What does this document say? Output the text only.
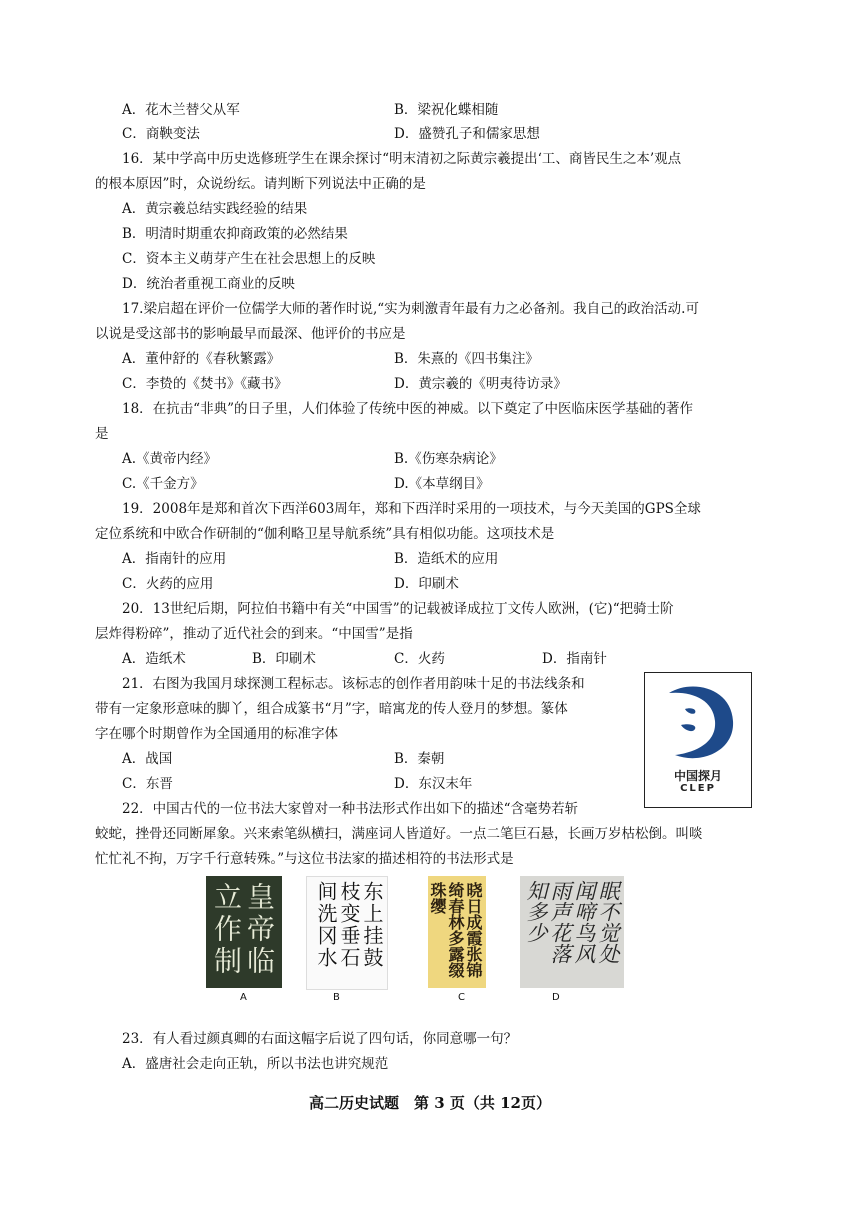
A．花木兰替父从军	B．梁祝化蝶相随
C．商鞅变法	D．盛赞孔子和儒家思想
16．某中学高中历史选修班学生在课余探讨“明末清初之际黄宗羲提出‘工、商皆民生之本’观点
的根本原因”时，众说纷纭。请判断下列说法中正确的是
A．黄宗羲总结实践经验的结果
B．明清时期重农抑商政策的必然结果
C．资本主义萌芽产生在社会思想上的反映
D．统治者重视工商业的反映
17.梁启超在评价一位儒学大师的著作时说,“实为刺激青年最有力之必备剂。我自己的政治活动.可
以说是受这部书的影响最早而最深、他评价的书应是
A．董仲舒的《春秋繁露》	B．朱熹的《四书集注》
C．李贽的《焚书》《藏书》	D．黄宗羲的《明夷待访录》
18．在抗击“非典”的日子里，人们体验了传统中医的神威。以下奠定了中医临床医学基础的著作
是
A.《黄帝内经》	B.《伤寒杂病论》
C.《千金方》	D.《本草纲目》
19．2008年是郑和首次下西洋603周年，郑和下西洋时采用的一项技术，与今天美国的GPS全球
定位系统和中欧合作研制的“伽利略卫星导航系统”具有相似功能。这项技术是
A．指南针的应用	B．造纸术的应用
C．火药的应用	D．印刷术
20．13世纪后期，阿拉伯书籍中有关“中国雪”的记载被译成拉丁文传人欧洲，(它)“把骑士阶
层炸得粉碎”，推动了近代社会的到来。“中国雪”是指
A．造纸术	B．印刷术	C．火药	D．指南针
21．右图为我国月球探测工程标志。该标志的创作者用韵味十足的书法线条和
带有一定象形意味的脚丫，组合成篆书“月”字，暗寓龙的传人登月的梦想。篆体
字在哪个时期曾作为全国通用的标准字体
A．战国	B．秦朝
C．东晋	D．东汉末年	中国探月
CLEP
22．中国古代的一位书法大家曾对一种书法形式作出如下的描述“含毫势若斩
蛟蛇，挫骨还同断犀象。兴来索笔纵横扫，满座词人皆道好。一点二笔巨石悬，长画万岁枯松倒。叫啖
忙忙礼不拘，万字千行意转殊。”与这位书法家的描述相符的书法形式是
皇帝临立作制
A
东上挂鼓枝变垂石间洗冈水
B
晓日成霞张锦绮春林多露缀珠缨
C
眠不觉处闻啼鸟风雨声花落知多少
D
23．有人看过颜真卿的右面这幅字后说了四句话，你同意哪一句？
A．盛唐社会走向正轨，所以书法也讲究规范
高二历史试题　第 3 页（共 12页）
